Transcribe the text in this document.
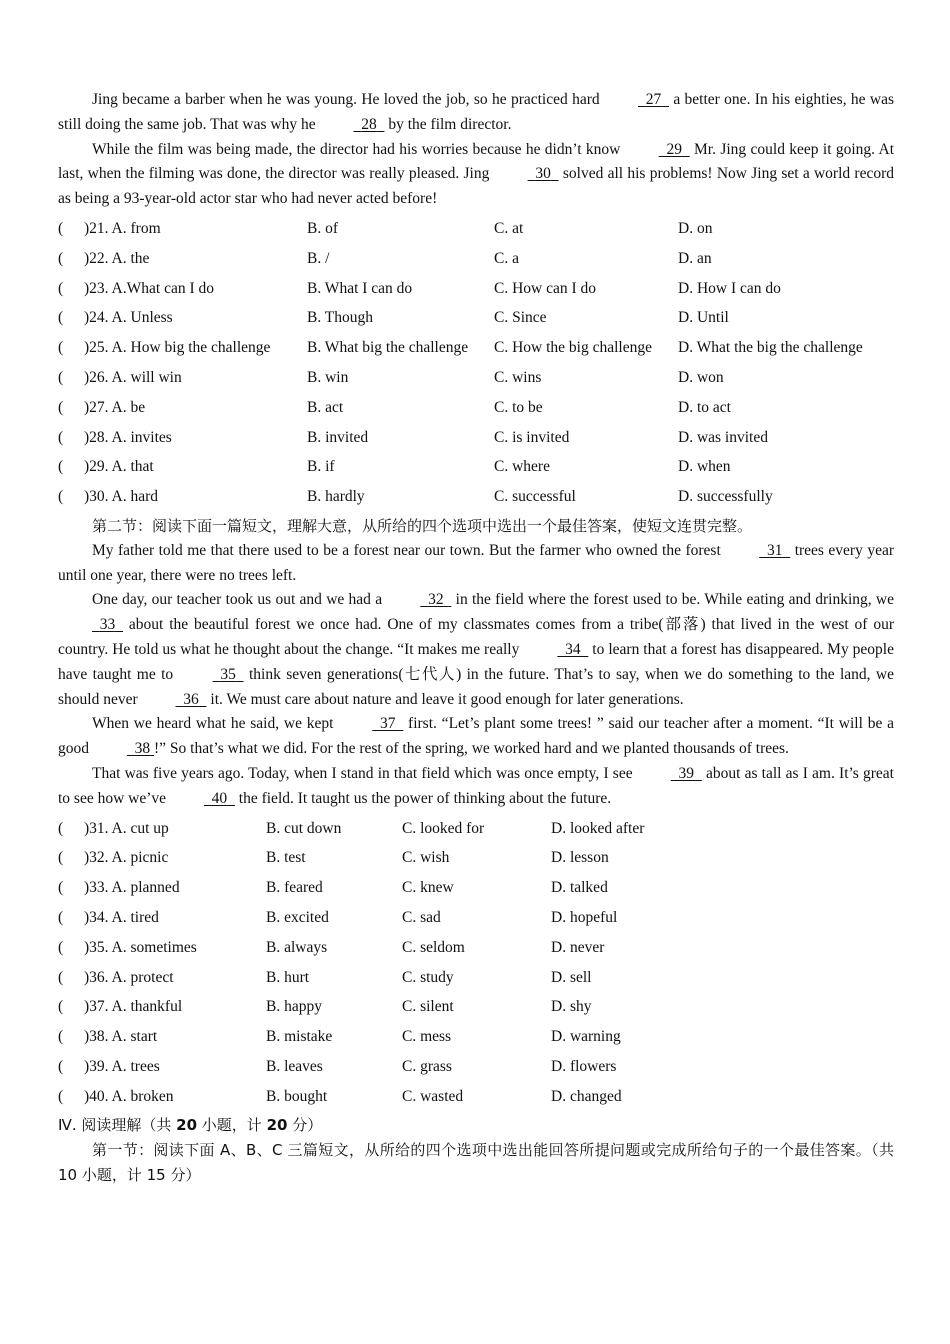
Jing became a barber when he was young. He loved the job, so he practiced hard	27   a better one. In his eighties, he was still doing the same job. That was why he	28   by the film director.

While the film was being made, the director had his worries because he didn’t know	29   Mr. Jing could keep it going. At last, when the filming was done, the director was really pleased. Jing	30   solved all his problems! Now Jing set a world record as being a 93-year-old actor star who had never acted before!

( )21. A. from	B. of	C. at	D. on
( )22. A. the	B. /	C. a	D. an
( )23. A.What can I do	B. What I can do	C. How can I do	D. How I can do
( )24. A. Unless	B. Though	C. Since	D. Until
( )25. A. How big the challenge B. What big the challenge C. How the big challenge D. What the big the challenge
( )26. A. will win	B. win	C. wins	D. won
( )27. A. be	B. act	C. to be	D. to act
( )28. A. invites	B. invited	C. is invited	D. was invited
( )29. A. that	B. if	C. where	D. when
( )30. A. hard	B. hardly	C. successful	D. successfully

第二节：阅读下面一篇短文，理解大意，从所给的四个选项中选出一个最佳答案，使短文连贯完整。

My father told me that there used to be a forest near our town. But the farmer who owned the forest	31   trees every year until one year, there were no trees left.

One day, our teacher took us out and we had a	32   in the field where the forest used to be. While eating and drinking, we   33   about the beautiful forest we once had. One of my classmates comes from a tribe(部落) that lived in the west of our country. He told us what he thought about the change. “It makes me really	34   to learn that a forest has disappeared. My people have taught me to	35   think seven generations(七代人) in the future. That’s to say, when we do something to the land, we should never	36   it. We must care about nature and leave it good enough for later generations.

When we heard what he said, we kept	37   first. “Let’s plant some trees! ” said our teacher after a moment. “It will be a good	38 !” So that’s what we did. For the rest of the spring, we worked hard and we planted thousands of trees.

That was five years ago. Today, when I stand in that field which was once empty, I see	39   about as tall as I am. It’s great to see how we’ve	40   the field. It taught us the power of thinking about the future.

( )31. A. cut up	B. cut down	C. looked for	D. looked after
( )32. A. picnic	B. test	C. wish	D. lesson
( )33. A. planned	B. feared	C. knew	D. talked
( )34. A. tired	B. excited	C. sad	D. hopeful
( )35. A. sometimes	B. always	C. seldom	D. never
( )36. A. protect	B. hurt	C. study	D. sell
( )37. A. thankful	B. happy	C. silent	D. shy
( )38. A. start	B. mistake	C. mess	D. warning
( )39. A. trees	B. leaves	C. grass	D. flowers
( )40. A. broken	B. bought	C. wasted	D. changed

Ⅳ. 阅读理解（共 20 小题，计 20 分）

第一节：阅读下面 A、B、C 三篇短文，从所给的四个选项中选出能回答所提问题或完成所给句子的一个最佳答案。（共 10 小题，计 15 分）
